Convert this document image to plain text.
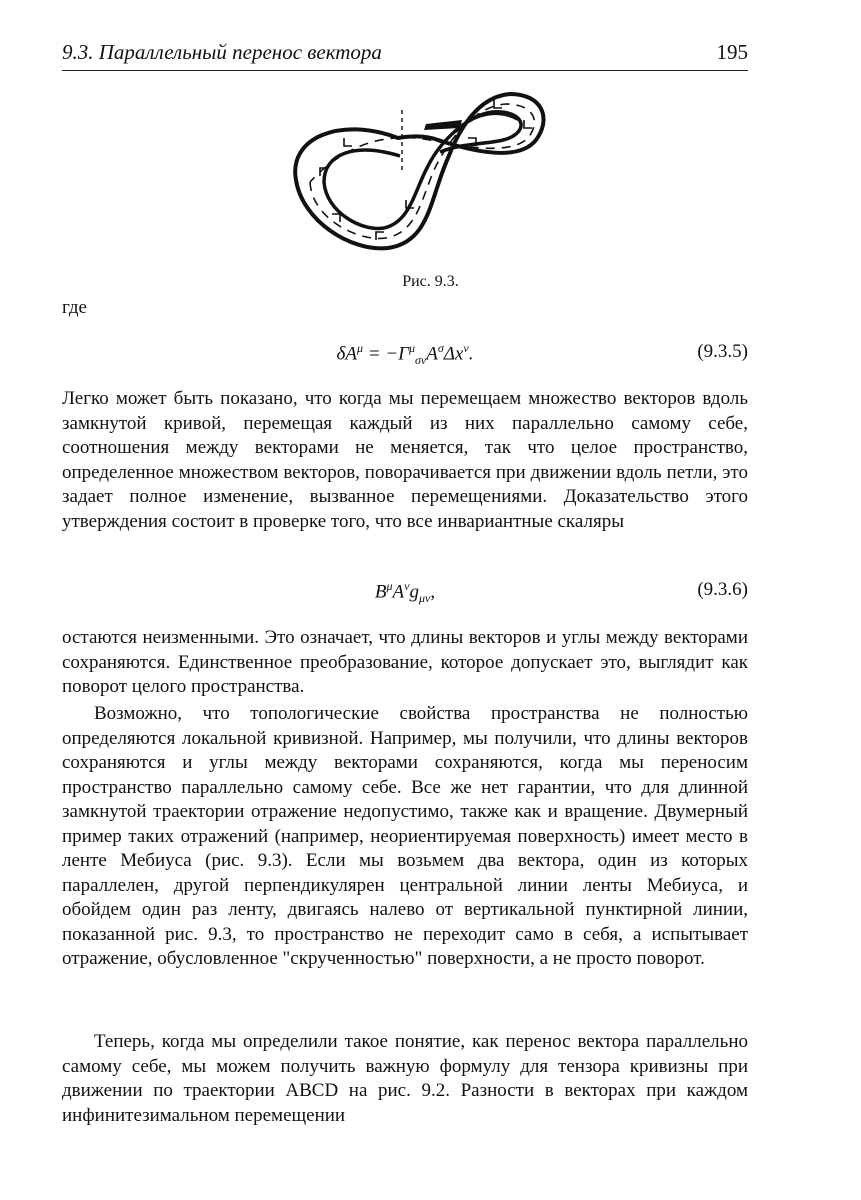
9.3. Параллельный перенос вектора	195
Рис. 9.3.
где
$\delta A^\mu = -\Gamma^\mu_{\sigma\nu}A^\sigma\Delta x^\nu$.	(9.3.5)

Легко может быть показано, что когда мы перемещаем множество векторов вдоль замкнутой кривой, перемещая каждый из них параллельно самому себе, соотношения между векторами не меняется, так что целое пространство, определенное множеством векторов, поворачивается при движении вдоль петли, это задает полное изменение, вызванное перемещениями. Доказательство этого утверждения состоит в проверке того, что все инвариантные скаляры

$B^\mu A^\nu g_{\mu\nu}$,	(9.3.6)

остаются неизменными. Это означает, что длины векторов и углы между векторами сохраняются. Единственное преобразование, которое допускает это, выглядит как поворот целого пространства.

Возможно, что топологические свойства пространства не полностью определяются локальной кривизной. Например, мы получили, что длины векторов сохраняются и углы между векторами сохраняются, когда мы переносим пространство параллельно самому себе. Все же нет гарантии, что для длинной замкнутой траектории отражение недопустимо, также как и вращение. Двумерный пример таких отражений (например, неориентируемая поверхность) имеет место в ленте Мебиуса (рис. 9.3). Если мы возьмем два вектора, один из которых параллелен, другой перпендикулярен центральной линии ленты Мебиуса, и обойдем один раз ленту, двигаясь налево от вертикальной пунктирной линии, показанной рис. 9.3, то пространство не переходит само в себя, а испытывает отражение, обусловленное "скрученностью" поверхности, а не просто поворот.

Теперь, когда мы определили такое понятие, как перенос вектора параллельно самому себе, мы можем получить важную формулу для тензора кривизны при движении по траектории ABCD на рис. 9.2. Разности в векторах при каждом инфинитезимальном перемещении
